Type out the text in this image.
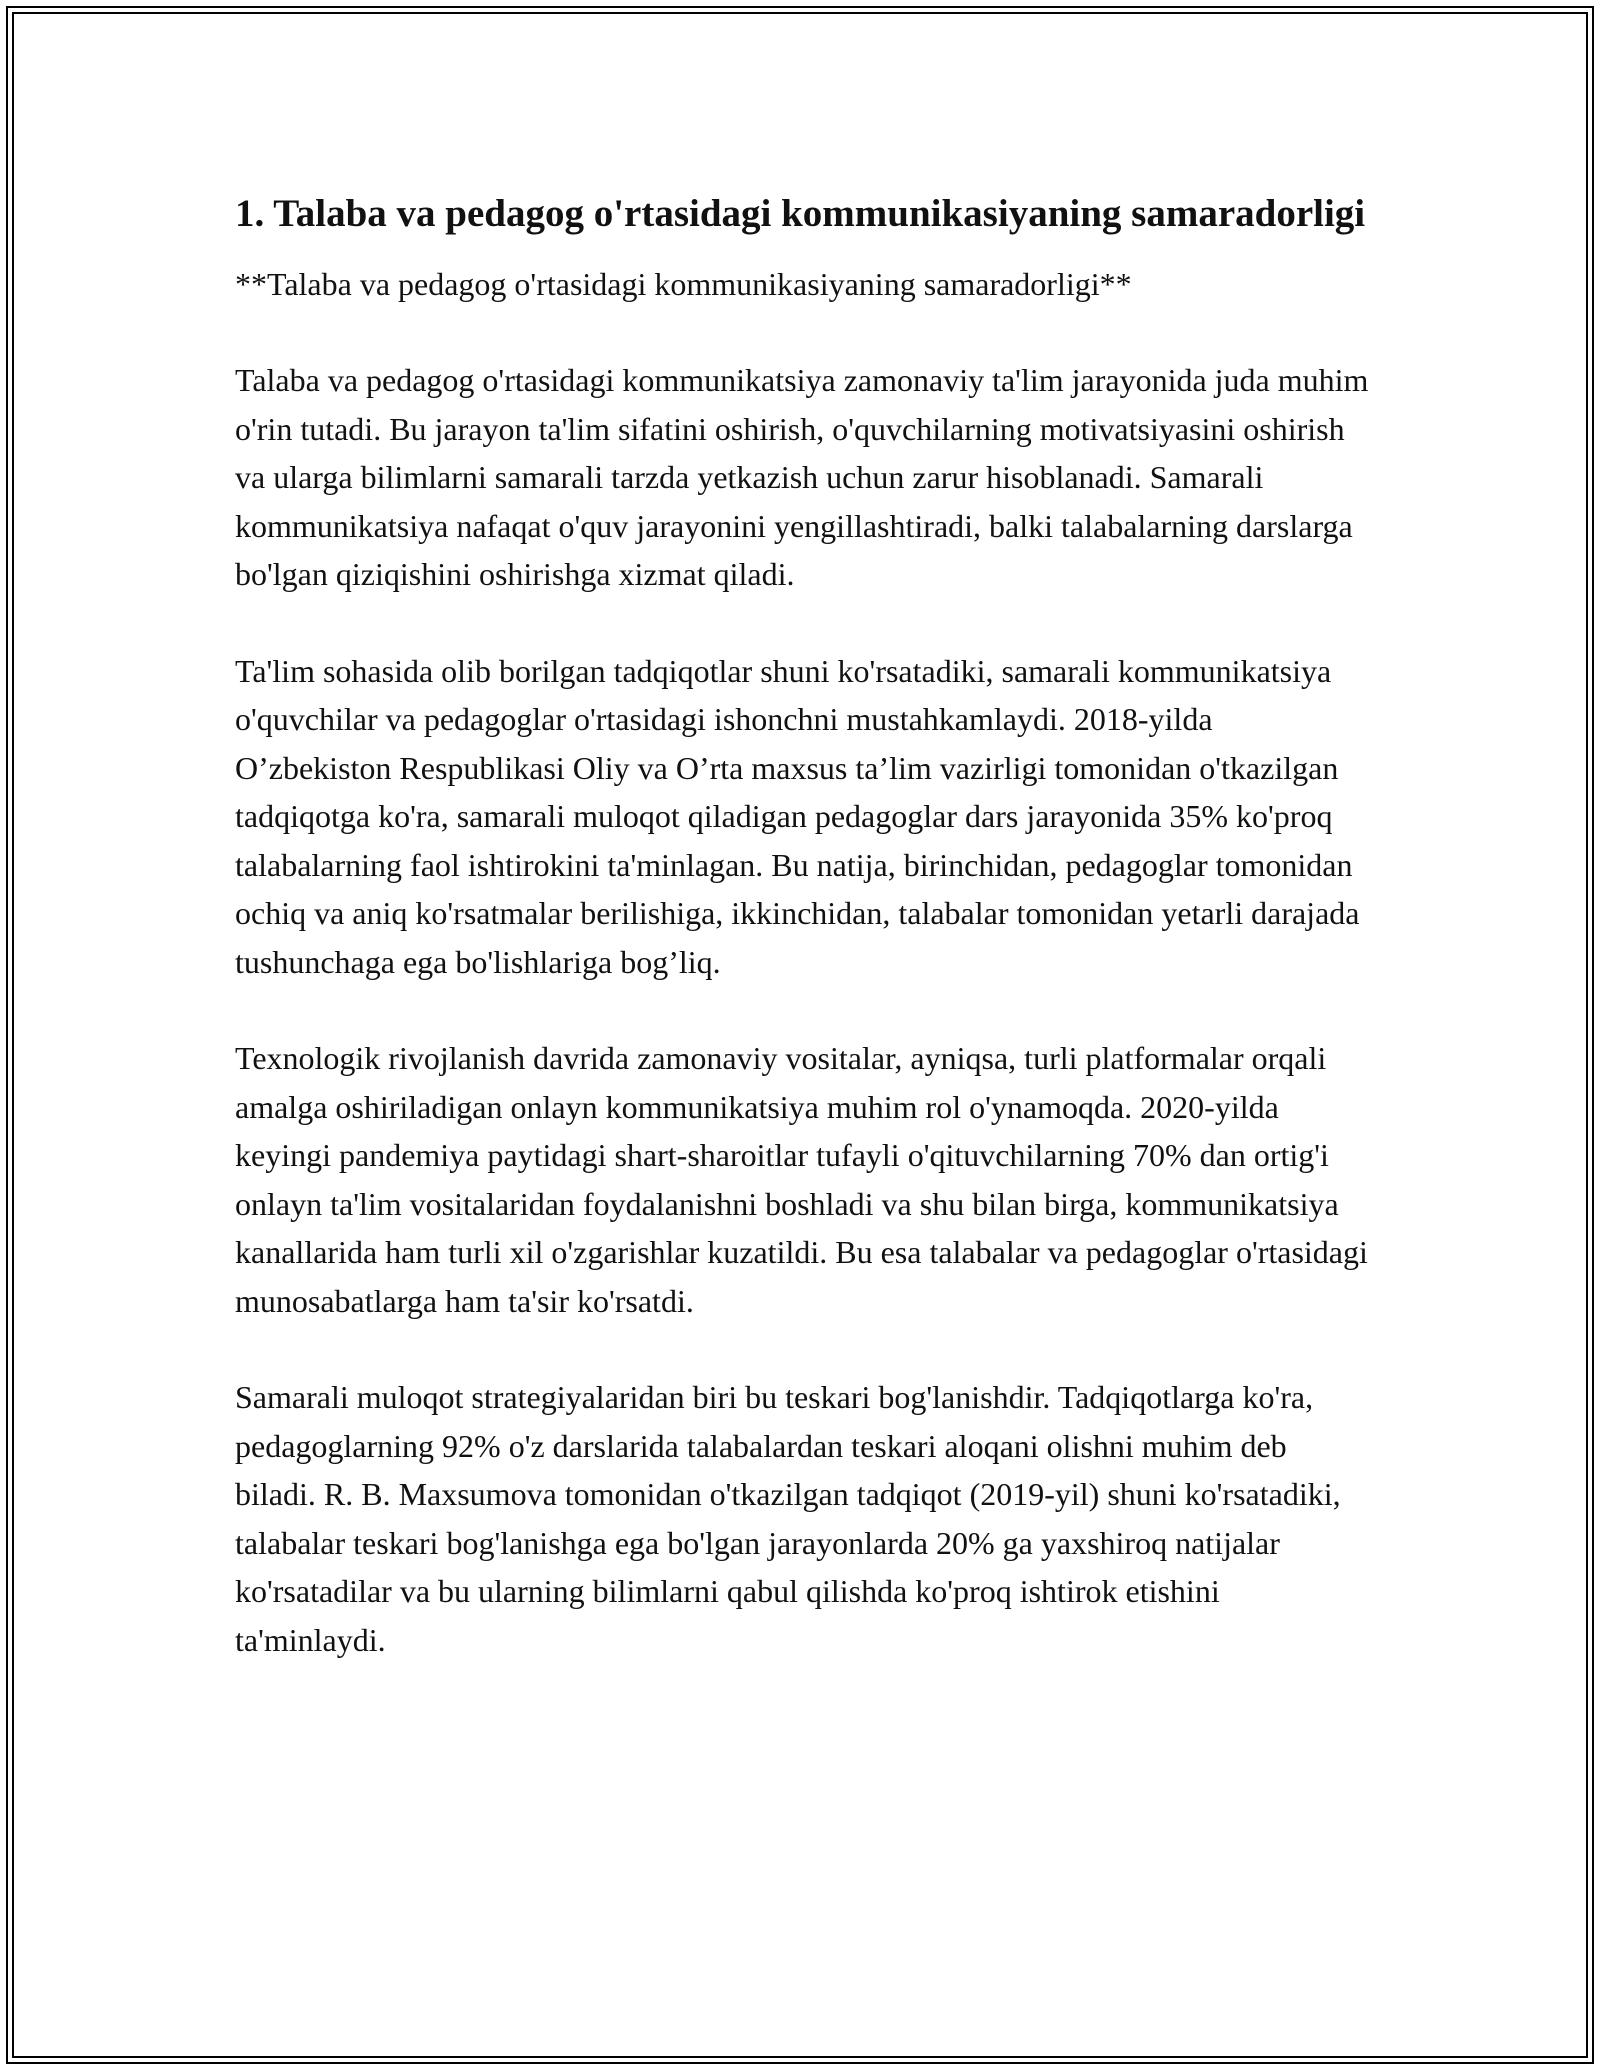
1. Talaba va pedagog o'rtasidagi kommunikasiyaning samaradorligi

**Talaba va pedagog o'rtasidagi kommunikasiyaning samaradorligi**

Talaba va pedagog o'rtasidagi kommunikatsiya zamonaviy ta'lim jarayonida juda muhim o'rin tutadi. Bu jarayon ta'lim sifatini oshirish, o'quvchilarning motivatsiyasini oshirish va ularga bilimlarni samarali tarzda yetkazish uchun zarur hisoblanadi. Samarali kommunikatsiya nafaqat o'quv jarayonini yengillashtiradi, balki talabalarning darslarga bo'lgan qiziqishini oshirishga xizmat qiladi.

Ta'lim sohasida olib borilgan tadqiqotlar shuni ko'rsatadiki, samarali kommunikatsiya o'quvchilar va pedagoglar o'rtasidagi ishonchni mustahkamlaydi. 2018-yilda O’zbekiston Respublikasi Oliy va O’rta maxsus ta’lim vazirligi tomonidan o'tkazilgan tadqiqotga ko'ra, samarali muloqot qiladigan pedagoglar dars jarayonida 35% ko'proq talabalarning faol ishtirokini ta'minlagan. Bu natija, birinchidan, pedagoglar tomonidan ochiq va aniq ko'rsatmalar berilishiga, ikkinchidan, talabalar tomonidan yetarli darajada tushunchaga ega bo'lishlariga bog’liq.

Texnologik rivojlanish davrida zamonaviy vositalar, ayniqsa, turli platformalar orqali amalga oshiriladigan onlayn kommunikatsiya muhim rol o'ynamoqda. 2020-yilda keyingi pandemiya paytidagi shart-sharoitlar tufayli o'qituvchilarning 70% dan ortig'i onlayn ta'lim vositalaridan foydalanishni boshladi va shu bilan birga, kommunikatsiya kanallarida ham turli xil o'zgarishlar kuzatildi. Bu esa talabalar va pedagoglar o'rtasidagi munosabatlarga ham ta'sir ko'rsatdi.

Samarali muloqot strategiyalaridan biri bu teskari bog'lanishdir. Tadqiqotlarga ko'ra, pedagoglarning 92% o'z darslarida talabalardan teskari aloqani olishni muhim deb biladi. R. B. Maxsumova tomonidan o'tkazilgan tadqiqot (2019-yil) shuni ko'rsatadiki, talabalar teskari bog'lanishga ega bo'lgan jarayonlarda 20% ga yaxshiroq natijalar ko'rsatadilar va bu ularning bilimlarni qabul qilishda ko'proq ishtirok etishini ta'minlaydi.
